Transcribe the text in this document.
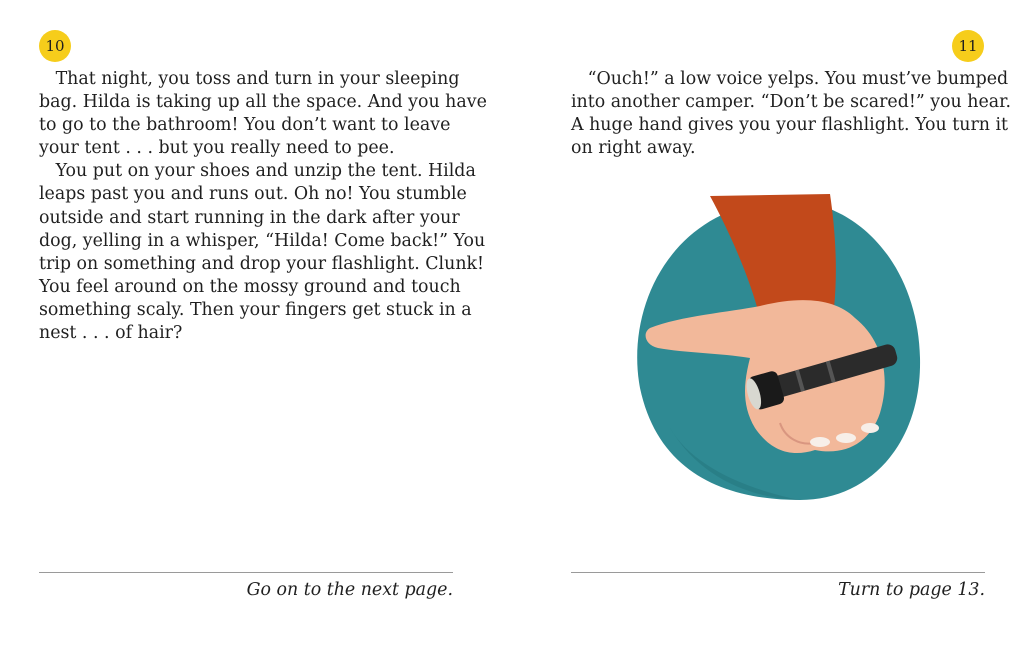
10	11
That night, you toss and turn in your sleeping
bag. Hilda is taking up all the space. And you have
to go to the bathroom! You don’t want to leave
your tent . . . but you really need to pee.
You put on your shoes and unzip the tent. Hilda
leaps past you and runs out. Oh no! You stumble
outside and start running in the dark after your
dog, yelling in a whisper, “Hilda! Come back!” You
trip on something and drop your flashlight. Clunk!
You feel around on the mossy ground and touch
something scaly. Then your fingers get stuck in a
nest . . . of hair?
“Ouch!” a low voice yelps. You must’ve bumped
into another camper. “Don’t be scared!” you hear.
A huge hand gives you your flashlight. You turn it
on right away.
Go on to the next page.	Turn to page 13.
